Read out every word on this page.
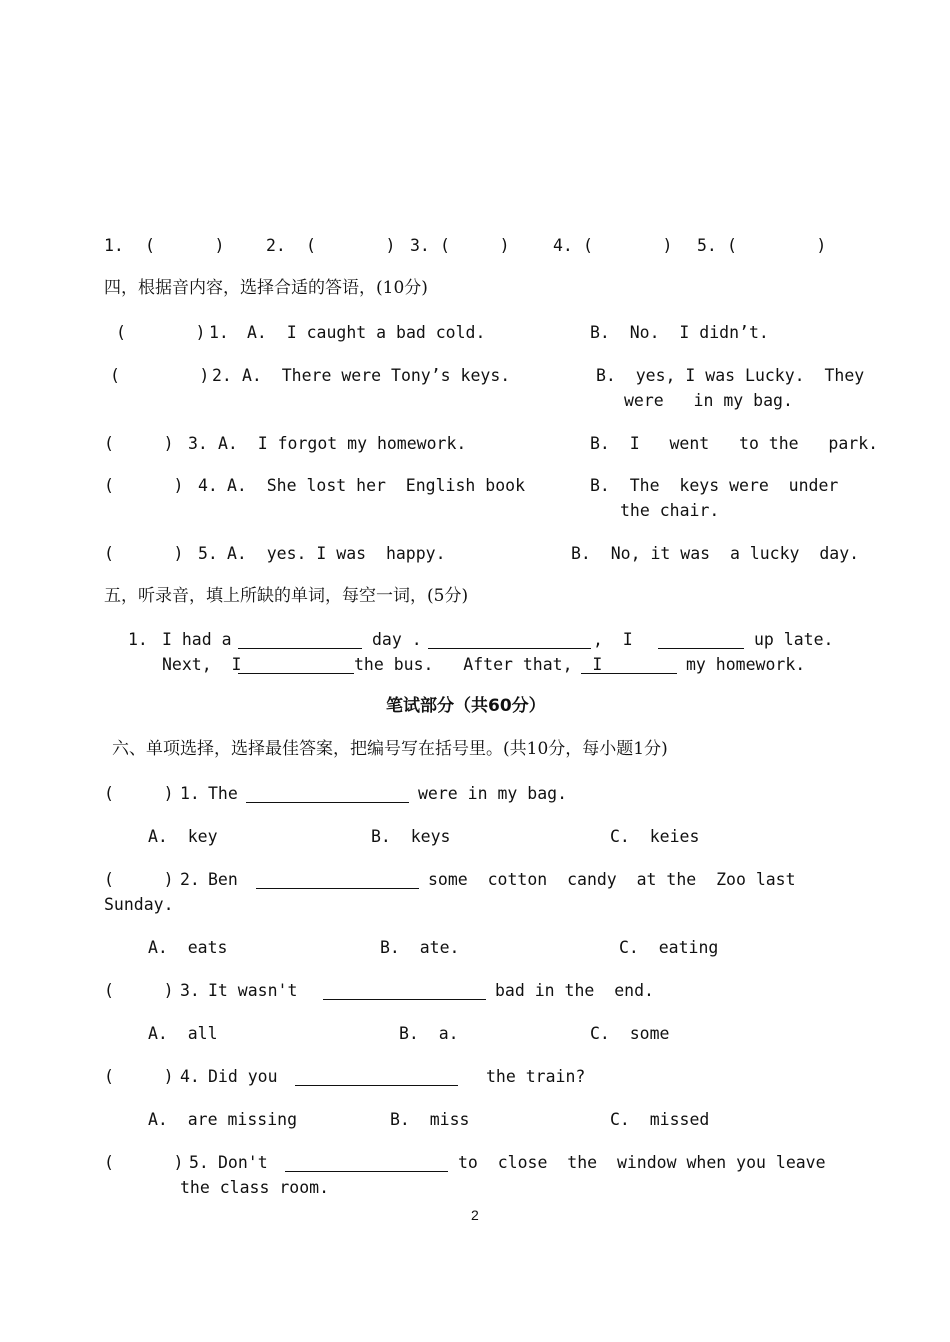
1. (      )	2. (       ) 3. (     )	4. (       ) 5. (        )
四，根据音内容，选择合适的答语，(10分)
(       ) 1. A.  I caught a bad cold.	B.  No.  I didn’t.
(        ) 2. A.  There were Tony’s keys.	B.  yes, I was Lucky.  They
were   in my bag.
(     ) 3. A.  I forgot my homework.	B.  I   went   to the   park.
(      ) 4. A.  She lost her  English book	B.  The  keys were  under
the chair.
(      ) 5. A.  yes. I was  happy.	B.  No, it was  a lucky  day.
五，听录音，填上所缺的单词，每空一词，(5分)
1. I had a	day .	,  I	up late.
Next,  I	the bus.   After that,  I	my homework.
笔试部分（共60分）
六、单项选择，选择最佳答案，把编号写在括号里。(共10分，每小题1分)
(     ) 1. The	were in my bag.
A.  key	B.  keys	C.  keies
(     ) 2. Ben	some  cotton  candy  at the  Zoo last
Sunday.
A.  eats	B.  ate.	C.  eating
(     ) 3. It wasn't	bad in the  end.
A.  all	B.  a.	C.  some
(     ) 4. Did you	the train?
A.  are missing	B.  miss	C.  missed
(      ) 5. Don't	to  close  the  window when you leave
the class room.
2
